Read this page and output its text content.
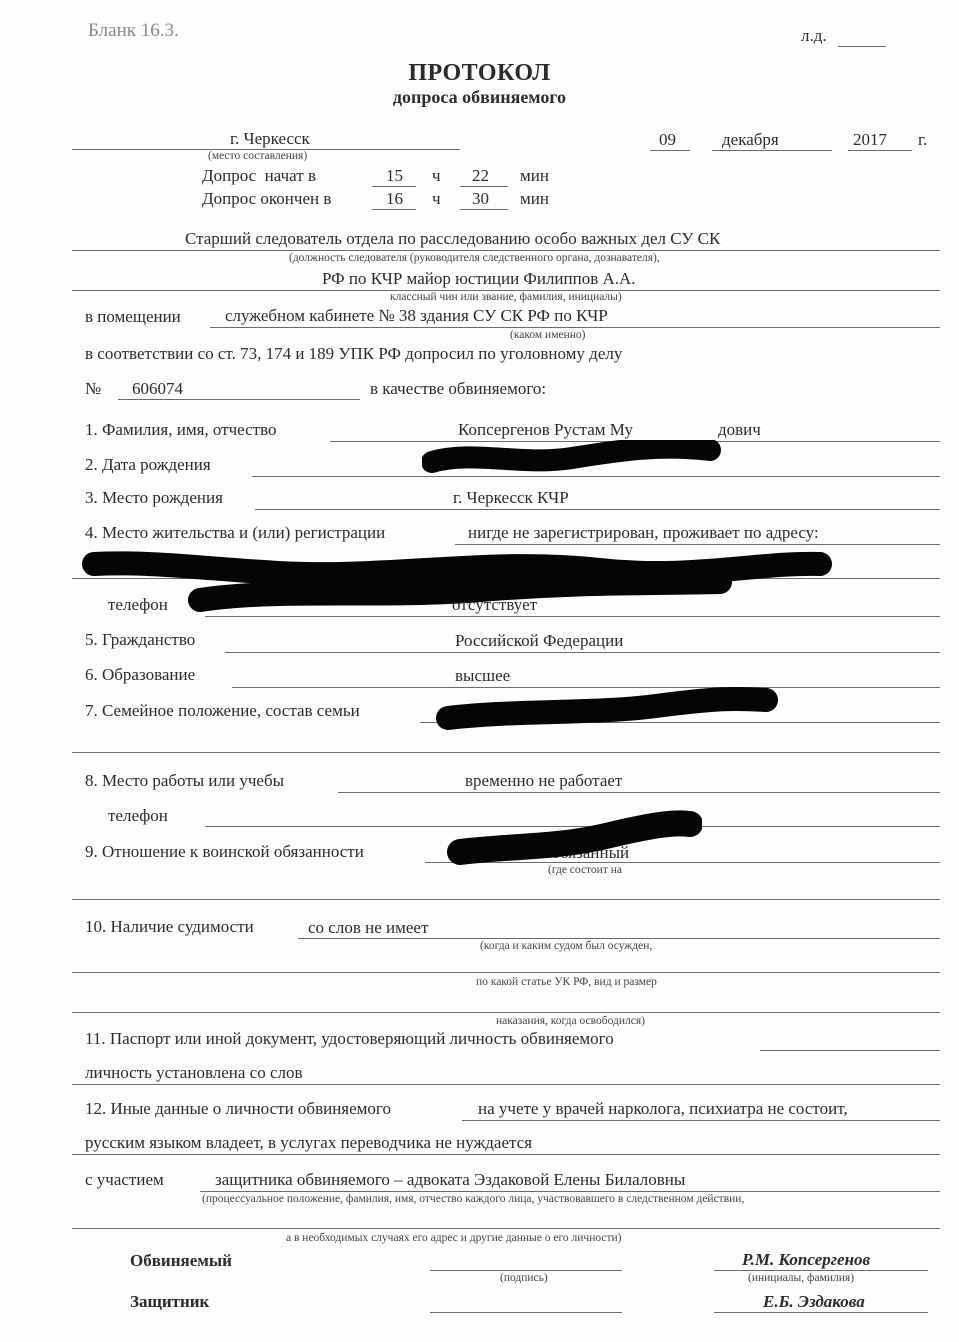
Бланк 16.3.	л.д.
ПРОТОКОЛ
допроса обвиняемого
г. Черкесск
(место составления)
09	декабря	2017 г.
Допрос  начат в	15 ч 22 мин
Допрос окончен в	16 ч 30 мин
Старший следователь отдела по расследованию особо важных дел СУ СК
(должность следователя (руководителя следственного органа, дознавателя),
РФ по КЧР майор юстиции Филиппов А.А.
классный чин или звание, фамилия, инициалы)
в помещении	служебном кабинете № 38 здания СУ СК РФ по КЧР
(каком именно)
в соответствии со ст. 73, 174 и 189 УПК РФ допросил по уголовному делу
№ 606074	в качестве обвиняемого:
1. Фамилия, имя, отчество	Копсергенов Рустам Му	дович
2. Дата рождения
3. Место рождения	г. Черкесск КЧР
4. Место жительства и (или) регистрации	нигде не зарегистрирован, проживает по адресу:
Октябрьская, д. 260
телефон	отсутствует
5. Гражданство	Российской Федерации
6. Образование	высшее
7. Семейное положение, состав семьи	жен
8. Место работы или учебы	временно не работает
телефон
9. Отношение к воинской обязанности	нообязанный
(где состоит на
10. Наличие судимости	со слов не имеет
(когда и каким судом был осужден,
по какой статье УК РФ, вид и размер
наказания, когда освободился)
11. Паспорт или иной документ, удостоверяющий личность обвиняемого
личность установлена со слов
12. Иные данные о личности обвиняемого	на учете у врачей нарколога, психиатра не состоит,
русским языком владеет, в услугах переводчика не нуждается
с участием	защитника обвиняемого – адвоката Эздаковой Елены Билаловны
(процессуальное положение, фамилия, имя, отчество каждого лица, участвовавшего в следственном действии,
а в необходимых случаях его адрес и другие данные о его личности)
Обвиняемый
(подпись)
Р.М. Копсергенов
(инициалы, фамилия)
Защитник	Е.Б. Эздакова
